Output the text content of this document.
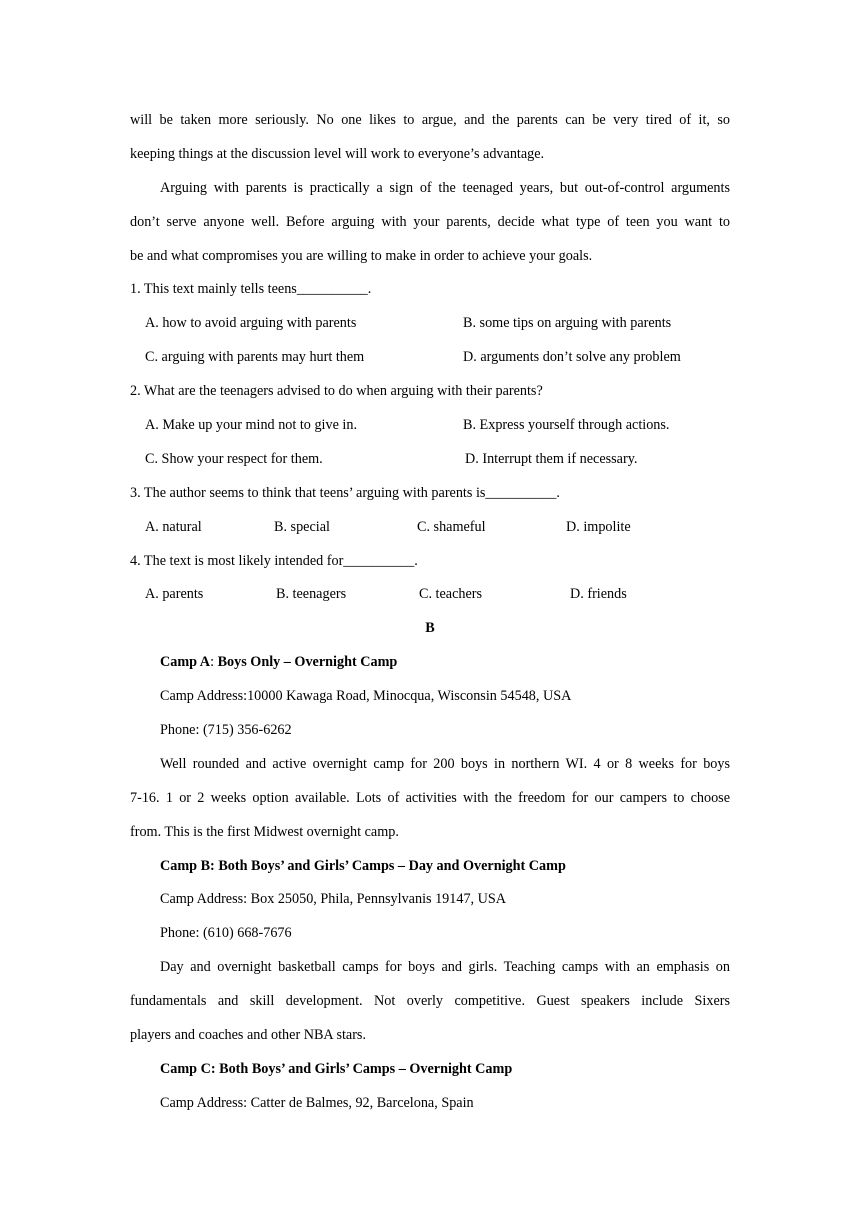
will be taken more seriously. No one likes to argue, and the parents can be very tired of it, so
keeping things at the discussion level will work to everyone’s advantage.
Arguing with parents is practically a sign of the teenaged years, but out-of-control arguments
don’t serve anyone well. Before arguing with your parents, decide what type of teen you want to
be and what compromises you are willing to make in order to achieve your goals.
1. This text mainly tells teens__________.
A. how to avoid arguing with parents	B. some tips on arguing with parents
C. arguing with parents may hurt them	D. arguments don’t solve any problem
2. What are the teenagers advised to do when arguing with their parents?
A. Make up your mind not to give in.	B. Express yourself through actions.
C. Show your respect for them.	D. Interrupt them if necessary.
3. The author seems to think that teens’ arguing with parents is__________.
A. natural	B. special	C. shameful	D. impolite
4. The text is most likely intended for__________.
A. parents	B. teenagers	C. teachers	D. friends
B
Camp A: Boys Only – Overnight Camp
Camp Address:10000 Kawaga Road, Minocqua, Wisconsin 54548, USA
Phone: (715) 356-6262
Well rounded and active overnight camp for 200 boys in northern WI. 4 or 8 weeks for boys
7-16. 1 or 2 weeks option available. Lots of activities with the freedom for our campers to choose
from. This is the first Midwest overnight camp.
Camp B: Both Boys’ and Girls’ Camps – Day and Overnight Camp
Camp Address: Box 25050, Phila, Pennsylvanis 19147, USA
Phone: (610) 668-7676
Day and overnight basketball camps for boys and girls. Teaching camps with an emphasis on
fundamentals and skill development. Not overly competitive. Guest speakers include Sixers
players and coaches and other NBA stars.
Camp C: Both Boys’ and Girls’ Camps – Overnight Camp
Camp Address: Catter de Balmes, 92, Barcelona, Spain
